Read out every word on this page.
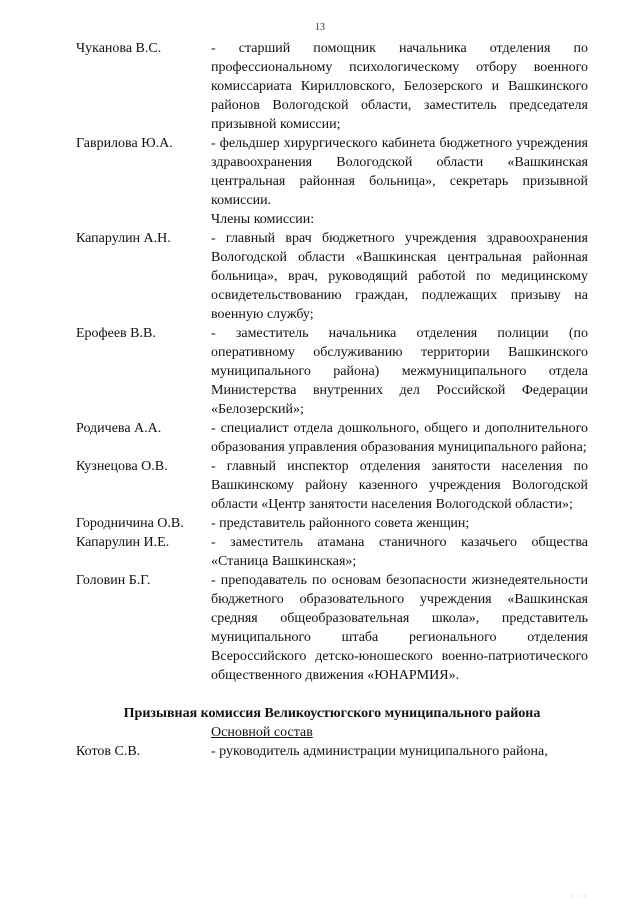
13
Чуканова В.С.	- старший помощник начальника отделения по профессиональному психологическому отбору военного комиссариата Кирилловского, Белозерского и Вашкинского районов Вологодской области, заместитель председателя призывной комиссии;
Гаврилова Ю.А.	- фельдшер хирургического кабинета бюджетного учреждения здравоохранения Вологодской области «Вашкинская центральная районная больница», секретарь призывной комиссии.
Члены комиссии:
Капарулин А.Н.	- главный врач бюджетного учреждения здравоохранения Вологодской области «Вашкинская центральная районная больница», врач, руководящий работой по медицинскому освидетельствованию граждан, подлежащих призыву на военную службу;
Ерофеев В.В.	- заместитель начальника отделения полиции (по оперативному обслуживанию территории Вашкинского муниципального района) межмуниципального отдела Министерства внутренних дел Российской Федерации «Белозерский»;
Родичева А.А.	- специалист отдела дошкольного, общего и дополнительного образования управления образования муниципального района;
Кузнецова О.В.	- главный инспектор отделения занятости населения по Вашкинскому району казенного учреждения Вологодской области «Центр занятости населения Вологодской области»;
Городничина О.В.	- представитель районного совета женщин;
Капарулин И.Е.	- заместитель атамана станичного казачьего общества «Станица Вашкинская»;
Головин Б.Г.	- преподаватель по основам безопасности жизнедеятельности бюджетного образовательного учреждения «Вашкинская средняя общеобразовательная школа», представитель муниципального штаба регионального отделения Всероссийского детско-юношеского военно-патриотического общественного движения «ЮНАРМИЯ».
Призывная комиссия Великоустюгского муниципального района
Основной состав
Котов С.В.	- руководитель администрации муниципального района,
· · ·
